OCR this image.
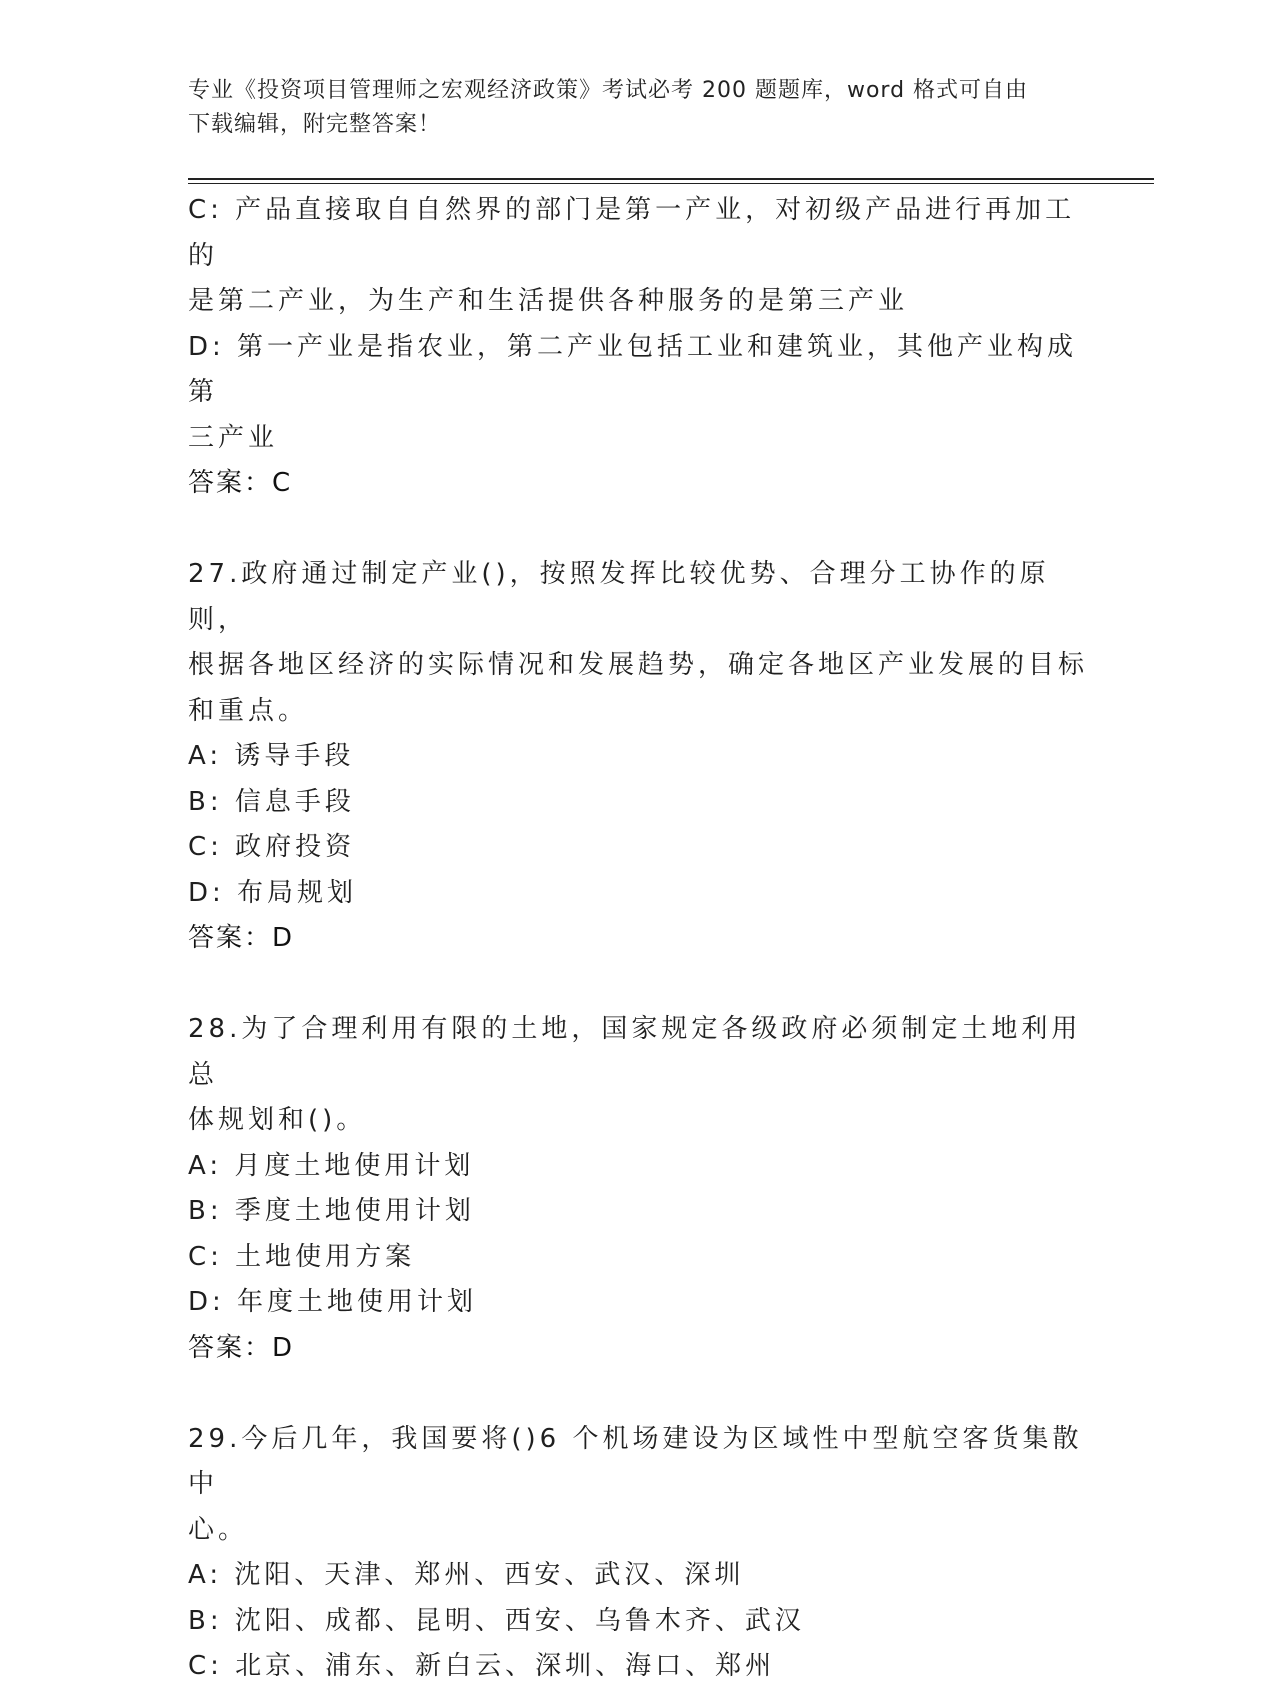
专业《投资项目管理师之宏观经济政策》考试必考 200 题题库，word 格式可自由
下载编辑，附完整答案！

C: 产品直接取自自然界的部门是第一产业，对初级产品进行再加工的

是第二产业，为生产和生活提供各种服务的是第三产业

D: 第一产业是指农业，第二产业包括工业和建筑业，其他产业构成第

三产业

答案：C

27.政府通过制定产业()，按照发挥比较优势、合理分工协作的原则，

根据各地区经济的实际情况和发展趋势，确定各地区产业发展的目标

和重点。

A: 诱导手段

B: 信息手段

C: 政府投资

D: 布局规划

答案：D

28.为了合理利用有限的土地，国家规定各级政府必须制定土地利用总

体规划和()。

A: 月度土地使用计划

B: 季度土地使用计划

C: 土地使用方案

D: 年度土地使用计划

答案：D

29.今后几年，我国要将()6 个机场建设为区域性中型航空客货集散中

心。

A: 沈阳、天津、郑州、西安、武汉、深圳

B: 沈阳、成都、昆明、西安、乌鲁木齐、武汉

C: 北京、浦东、新白云、深圳、海口、郑州
